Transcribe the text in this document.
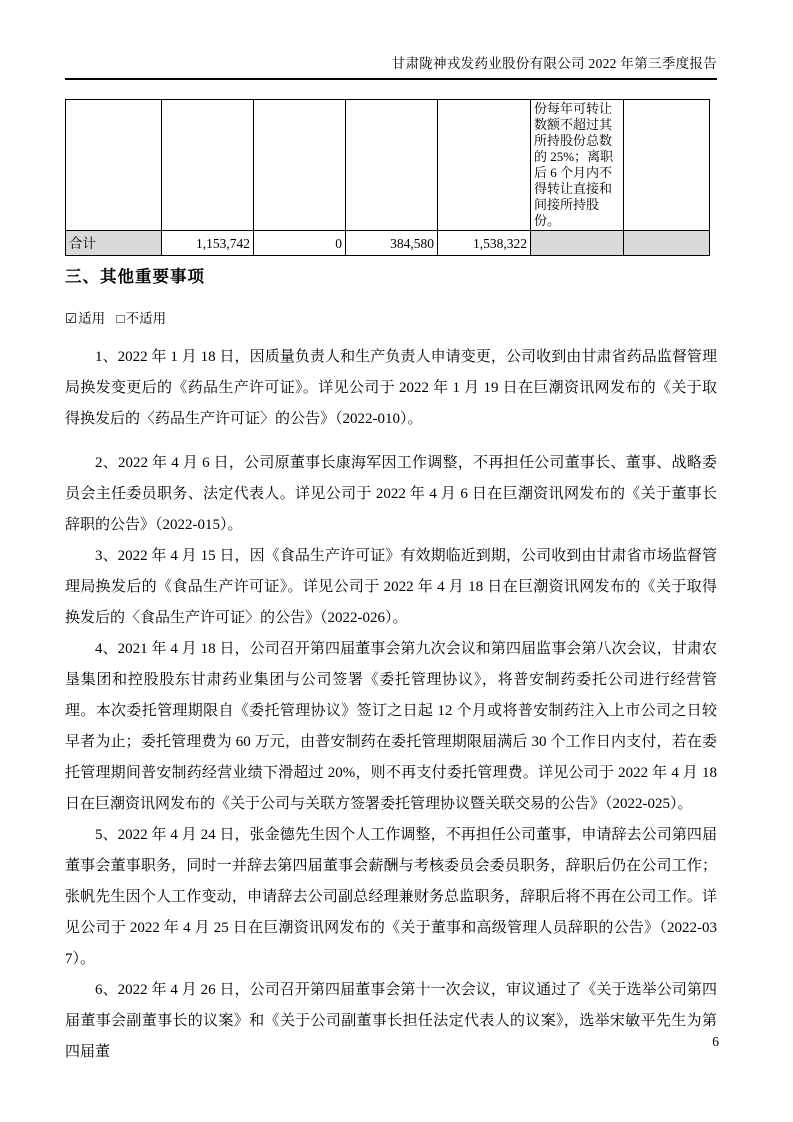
甘肃陇神戎发药业股份有限公司 2022 年第三季度报告
					份每年可转让数额不超过其所持股份总数的 25%；离职后 6 个月内不得转让直接和间接所持股份。	
合计	1,153,742	0	384,580	1,538,322		
三、其他重要事项
☑适用 □不适用

1、2022 年 1 月 18 日，因质量负责人和生产负责人申请变更，公司收到由甘肃省药品监督管理局换发变更后的《药品生产许可证》。详见公司于 2022 年 1 月 19 日在巨潮资讯网发布的《关于取得换发后的〈药品生产许可证〉的公告》（2022-010）。

2、2022 年 4 月 6 日，公司原董事长康海军因工作调整，不再担任公司董事长、董事、战略委员会主任委员职务、法定代表人。详见公司于 2022 年 4 月 6 日在巨潮资讯网发布的《关于董事长辞职的公告》（2022-015）。

3、2022 年 4 月 15 日，因《食品生产许可证》有效期临近到期，公司收到由甘肃省市场监督管理局换发后的《食品生产许可证》。详见公司于 2022 年 4 月 18 日在巨潮资讯网发布的《关于取得换发后的〈食品生产许可证〉的公告》（2022-026）。

4、2021 年 4 月 18 日，公司召开第四届董事会第九次会议和第四届监事会第八次会议，甘肃农垦集团和控股股东甘肃药业集团与公司签署《委托管理协议》，将普安制药委托公司进行经营管理。本次委托管理期限自《委托管理协议》签订之日起 12 个月或将普安制药注入上市公司之日较早者为止；委托管理费为 60 万元，由普安制药在委托管理期限届满后 30 个工作日内支付，若在委托管理期间普安制药经营业绩下滑超过 20%，则不再支付委托管理费。详见公司于 2022 年 4 月 18 日在巨潮资讯网发布的《关于公司与关联方签署委托管理协议暨关联交易的公告》（2022-025）。

5、2022 年 4 月 24 日，张金德先生因个人工作调整，不再担任公司董事，申请辞去公司第四届董事会董事职务，同时一并辞去第四届董事会薪酬与考核委员会委员职务，辞职后仍在公司工作；张帆先生因个人工作变动，申请辞去公司副总经理兼财务总监职务，辞职后将不再在公司工作。详见公司于 2022 年 4 月 25 日在巨潮资讯网发布的《关于董事和高级管理人员辞职的公告》（2022-037）。

6、2022 年 4 月 26 日，公司召开第四届董事会第十一次会议，审议通过了《关于选举公司第四届董事会副董事长的议案》和《关于公司副董事长担任法定代表人的议案》，选举宋敏平先生为第四届董

6
